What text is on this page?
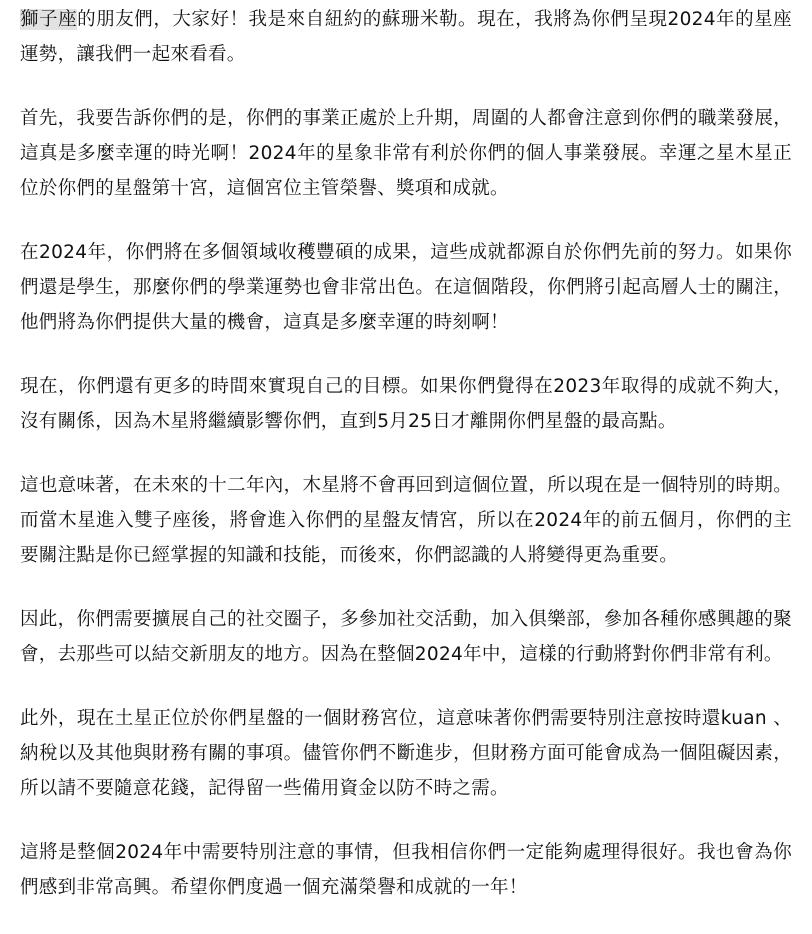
獅子座的朋友們，大家好！我是來自紐約的蘇珊米勒。現在，我將為你們呈現2024年的星座運勢，讓我們一起來看看。

首先，我要告訴你們的是，你們的事業正處於上升期，周圍的人都會注意到你們的職業發展，這真是多麼幸運的時光啊！2024年的星象非常有利於你們的個人事業發展。幸運之星木星正位於你們的星盤第十宮，這個宮位主管榮譽、獎項和成就。

在2024年，你們將在多個領域收穫豐碩的成果，這些成就都源自於你們先前的努力。如果你們還是學生，那麼你們的學業運勢也會非常出色。在這個階段，你們將引起高層人士的關注，他們將為你們提供大量的機會，這真是多麼幸運的時刻啊！

現在，你們還有更多的時間來實現自己的目標。如果你們覺得在2023年取得的成就不夠大，沒有關係，因為木星將繼續影響你們，直到5月25日才離開你們星盤的最高點。

這也意味著，在未來的十二年內，木星將不會再回到這個位置，所以現在是一個特別的時期。而當木星進入雙子座後，將會進入你們的星盤友情宮，所以在2024年的前五個月，你們的主要關注點是你已經掌握的知識和技能，而後來，你們認識的人將變得更為重要。

因此，你們需要擴展自己的社交圈子，多參加社交活動，加入俱樂部，參加各種你感興趣的聚會，去那些可以結交新朋友的地方。因為在整個2024年中，這樣的行動將對你們非常有利。

此外，現在土星正位於你們星盤的一個財務宮位，這意味著你們需要特別注意按時還kuan 、納稅以及其他與財務有關的事項。儘管你們不斷進步，但財務方面可能會成為一個阻礙因素，所以請不要隨意花錢，記得留一些備用資金以防不時之需。

這將是整個2024年中需要特別注意的事情，但我相信你們一定能夠處理得很好。我也會為你們感到非常高興。希望你們度過一個充滿榮譽和成就的一年！
